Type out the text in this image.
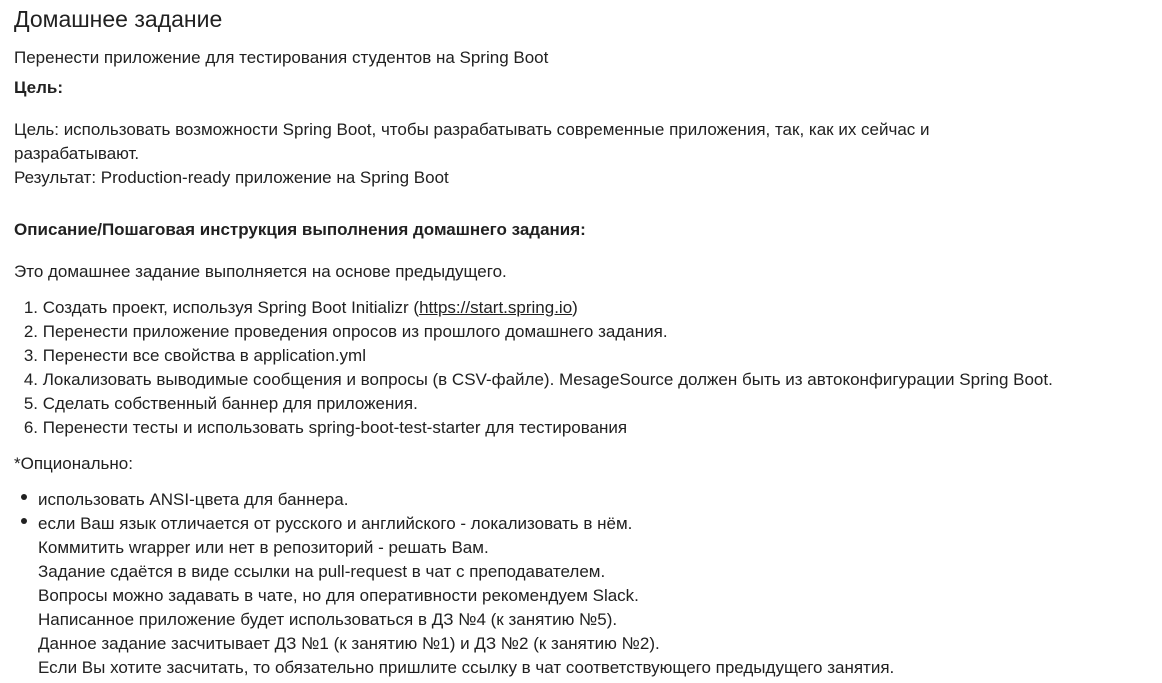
Домашнее задание
Перенести приложение для тестирования студентов на Spring Boot
Цель:
Цель: использовать возможности Spring Boot, чтобы разрабатывать современные приложения, так, как их сейчас и
разрабатывают.
Результат: Production-ready приложение на Spring Boot
Описание/Пошаговая инструкция выполнения домашнего задания:
Это домашнее задание выполняется на основе предыдущего.
1. Создать проект, используя Spring Boot Initializr (https://start.spring.io)
2. Перенести приложение проведения опросов из прошлого домашнего задания.
3. Перенести все свойства в application.yml
4. Локализовать выводимые сообщения и вопросы (в CSV-файле). MesageSource должен быть из автоконфигурации Spring Boot.
5. Сделать собственный баннер для приложения.
6. Перенести тесты и использовать spring-boot-test-starter для тестирования
*Опционально:
использовать ANSI-цвета для баннера.
если Ваш язык отличается от русского и английского - локализовать в нём.
Коммитить wrapper или нет в репозиторий - решать Вам.
Задание сдаётся в виде ссылки на pull-request в чат с преподавателем.
Вопросы можно задавать в чате, но для оперативности рекомендуем Slack.
Написанное приложение будет использоваться в ДЗ №4 (к занятию №5).
Данное задание засчитывает ДЗ №1 (к занятию №1) и ДЗ №2 (к занятию №2).
Если Вы хотите засчитать, то обязательно пришлите ссылку в чат соответствующего предыдущего занятия.
